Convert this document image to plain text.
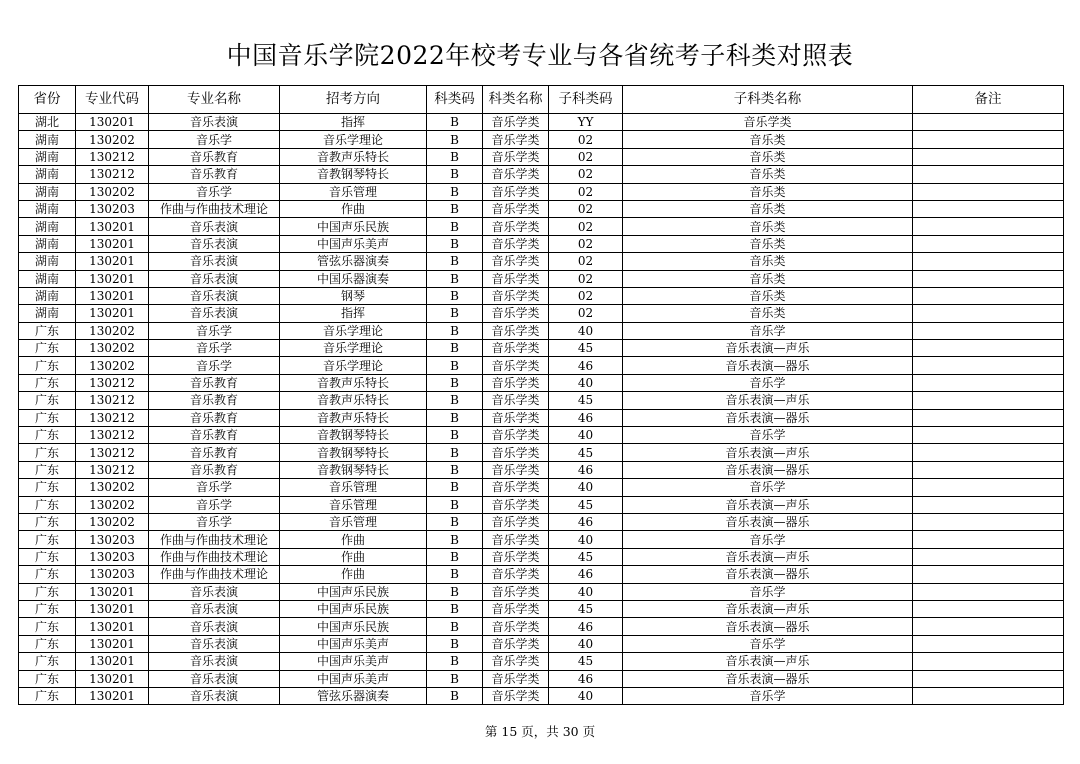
中国音乐学院2022年校考专业与各省统考子科类对照表
省份	专业代码	专业名称	招考方向	科类码	科类名称	子科类码	子科类名称	备注
湖北	130201	音乐表演	指挥	B	音乐学类	YY	音乐学类	
湖南	130202	音乐学	音乐学理论	B	音乐学类	02	音乐类	
湖南	130212	音乐教育	音教声乐特长	B	音乐学类	02	音乐类	
湖南	130212	音乐教育	音教钢琴特长	B	音乐学类	02	音乐类	
湖南	130202	音乐学	音乐管理	B	音乐学类	02	音乐类	
湖南	130203	作曲与作曲技术理论	作曲	B	音乐学类	02	音乐类	
湖南	130201	音乐表演	中国声乐民族	B	音乐学类	02	音乐类	
湖南	130201	音乐表演	中国声乐美声	B	音乐学类	02	音乐类	
湖南	130201	音乐表演	管弦乐器演奏	B	音乐学类	02	音乐类	
湖南	130201	音乐表演	中国乐器演奏	B	音乐学类	02	音乐类	
湖南	130201	音乐表演	钢琴	B	音乐学类	02	音乐类	
湖南	130201	音乐表演	指挥	B	音乐学类	02	音乐类	
广东	130202	音乐学	音乐学理论	B	音乐学类	40	音乐学	
广东	130202	音乐学	音乐学理论	B	音乐学类	45	音乐表演—声乐	
广东	130202	音乐学	音乐学理论	B	音乐学类	46	音乐表演—器乐	
广东	130212	音乐教育	音教声乐特长	B	音乐学类	40	音乐学	
广东	130212	音乐教育	音教声乐特长	B	音乐学类	45	音乐表演—声乐	
广东	130212	音乐教育	音教声乐特长	B	音乐学类	46	音乐表演—器乐	
广东	130212	音乐教育	音教钢琴特长	B	音乐学类	40	音乐学	
广东	130212	音乐教育	音教钢琴特长	B	音乐学类	45	音乐表演—声乐	
广东	130212	音乐教育	音教钢琴特长	B	音乐学类	46	音乐表演—器乐	
广东	130202	音乐学	音乐管理	B	音乐学类	40	音乐学	
广东	130202	音乐学	音乐管理	B	音乐学类	45	音乐表演—声乐	
广东	130202	音乐学	音乐管理	B	音乐学类	46	音乐表演—器乐	
广东	130203	作曲与作曲技术理论	作曲	B	音乐学类	40	音乐学	
广东	130203	作曲与作曲技术理论	作曲	B	音乐学类	45	音乐表演—声乐	
广东	130203	作曲与作曲技术理论	作曲	B	音乐学类	46	音乐表演—器乐	
广东	130201	音乐表演	中国声乐民族	B	音乐学类	40	音乐学	
广东	130201	音乐表演	中国声乐民族	B	音乐学类	45	音乐表演—声乐	
广东	130201	音乐表演	中国声乐民族	B	音乐学类	46	音乐表演—器乐	
广东	130201	音乐表演	中国声乐美声	B	音乐学类	40	音乐学	
广东	130201	音乐表演	中国声乐美声	B	音乐学类	45	音乐表演—声乐	
广东	130201	音乐表演	中国声乐美声	B	音乐学类	46	音乐表演—器乐	
广东	130201	音乐表演	管弦乐器演奏	B	音乐学类	40	音乐学	
第 15 页，共 30 页
